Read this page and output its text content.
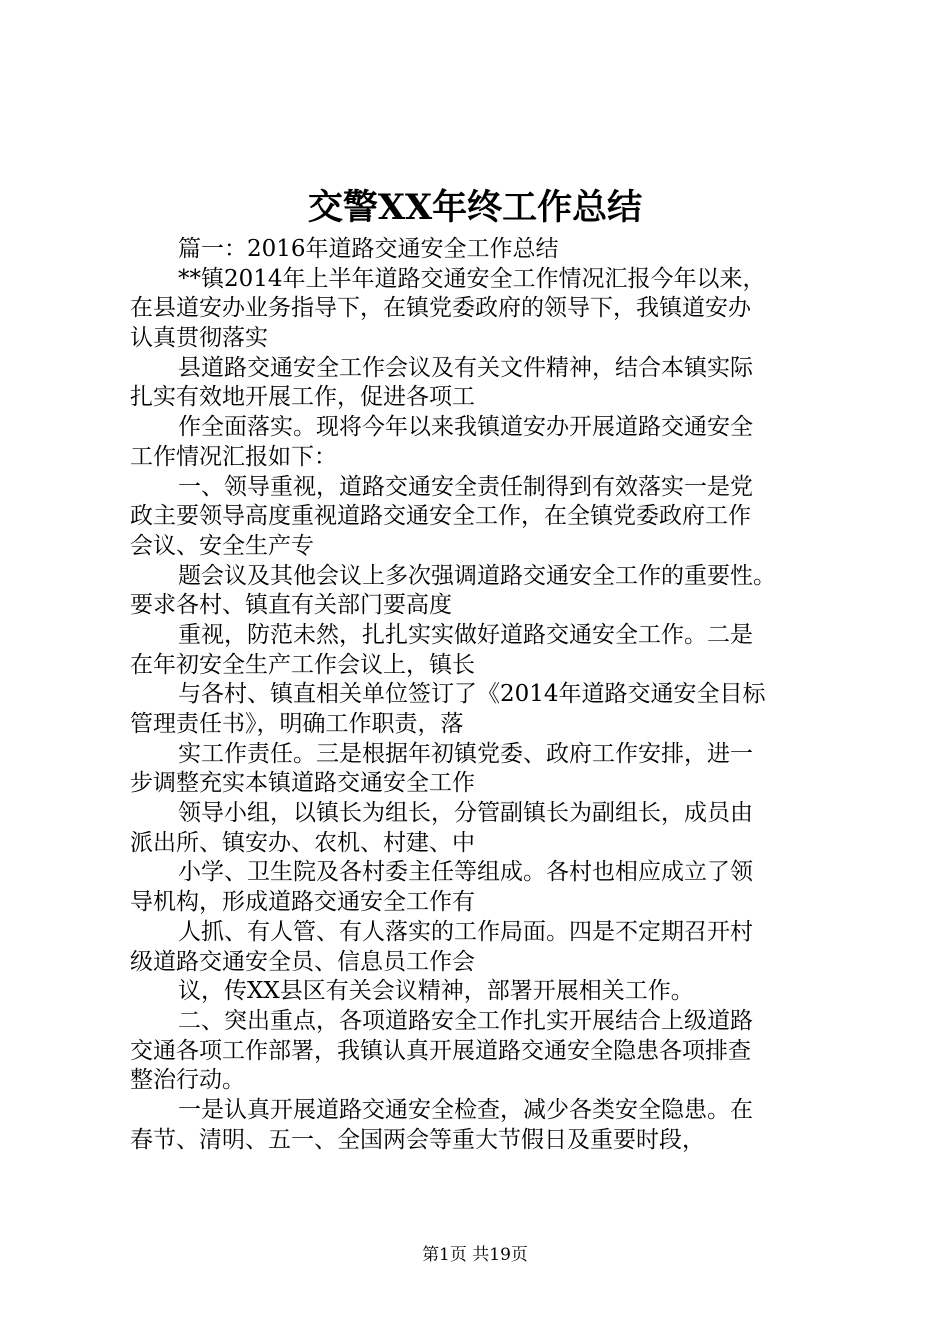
交警XX年终工作总结
篇一：2016年道路交通安全工作总结
**镇2014年上半年道路交通安全工作情况汇报今年以来，
在县道安办业务指导下，在镇党委政府的领导下，我镇道安办
认真贯彻落实
县道路交通安全工作会议及有关文件精神，结合本镇实际
扎实有效地开展工作，促进各项工
作全面落实。现将今年以来我镇道安办开展道路交通安全
工作情况汇报如下：
一、领导重视，道路交通安全责任制得到有效落实一是党
政主要领导高度重视道路交通安全工作，在全镇党委政府工作
会议、安全生产专
题会议及其他会议上多次强调道路交通安全工作的重要性。
要求各村、镇直有关部门要高度
重视，防范未然，扎扎实实做好道路交通安全工作。二是
在年初安全生产工作会议上，镇长
与各村、镇直相关单位签订了《2014年道路交通安全目标
管理责任书》，明确工作职责，落
实工作责任。三是根据年初镇党委、政府工作安排，进一
步调整充实本镇道路交通安全工作
领导小组，以镇长为组长，分管副镇长为副组长，成员由
派出所、镇安办、农机、村建、中
小学、卫生院及各村委主任等组成。各村也相应成立了领
导机构，形成道路交通安全工作有
人抓、有人管、有人落实的工作局面。四是不定期召开村
级道路交通安全员、信息员工作会
议，传XX县区有关会议精神，部署开展相关工作。
二、突出重点，各项道路安全工作扎实开展结合上级道路
交通各项工作部署，我镇认真开展道路交通安全隐患各项排查
整治行动。
一是认真开展道路交通安全检查，减少各类安全隐患。在
春节、清明、五一、全国两会等重大节假日及重要时段，
第1页 共19页
